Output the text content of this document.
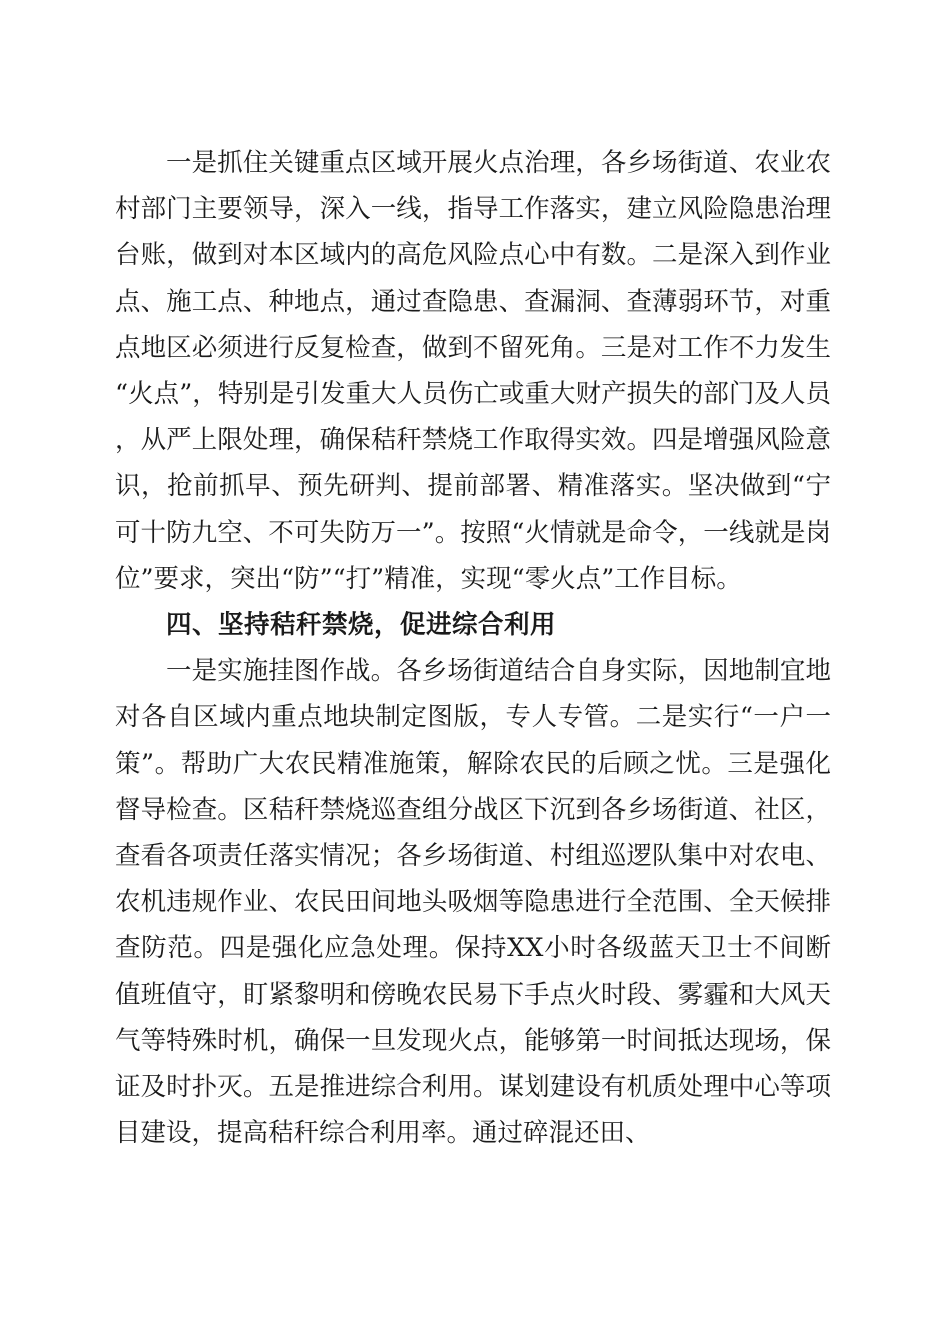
一是抓住关键重点区域开展火点治理，各乡场街道、农业农村部门主要领导，深入一线，指导工作落实，建立风险隐患治理台账，做到对本区域内的高危风险点心中有数。二是深入到作业点、施工点、种地点，通过查隐患、查漏洞、查薄弱环节，对重点地区必须进行反复检查，做到不留死角。三是对工作不力发生“火点”，特别是引发重大人员伤亡或重大财产损失的部门及人员，从严上限处理，确保秸秆禁烧工作取得实效。四是增强风险意识，抢前抓早、预先研判、提前部署、精准落实。坚决做到“宁可十防九空、不可失防万一”。按照“火情就是命令，一线就是岗位”要求，突出“防”“打”精准，实现“零火点”工作目标。

四、坚持秸秆禁烧，促进综合利用

一是实施挂图作战。各乡场街道结合自身实际，因地制宜地对各自区域内重点地块制定图版，专人专管。二是实行“一户一策”。帮助广大农民精准施策，解除农民的后顾之忧。三是强化督导检查。区秸秆禁烧巡查组分战区下沉到各乡场街道、社区，查看各项责任落实情况；各乡场街道、村组巡逻队集中对农电、农机违规作业、农民田间地头吸烟等隐患进行全范围、全天候排查防范。四是强化应急处理。保持XX小时各级蓝天卫士不间断值班值守，盯紧黎明和傍晚农民易下手点火时段、雾霾和大风天气等特殊时机，确保一旦发现火点，能够第一时间抵达现场，保证及时扑灭。五是推进综合利用。谋划建设有机质处理中心等项目建设，提高秸秆综合利用率。通过碎混还田、
